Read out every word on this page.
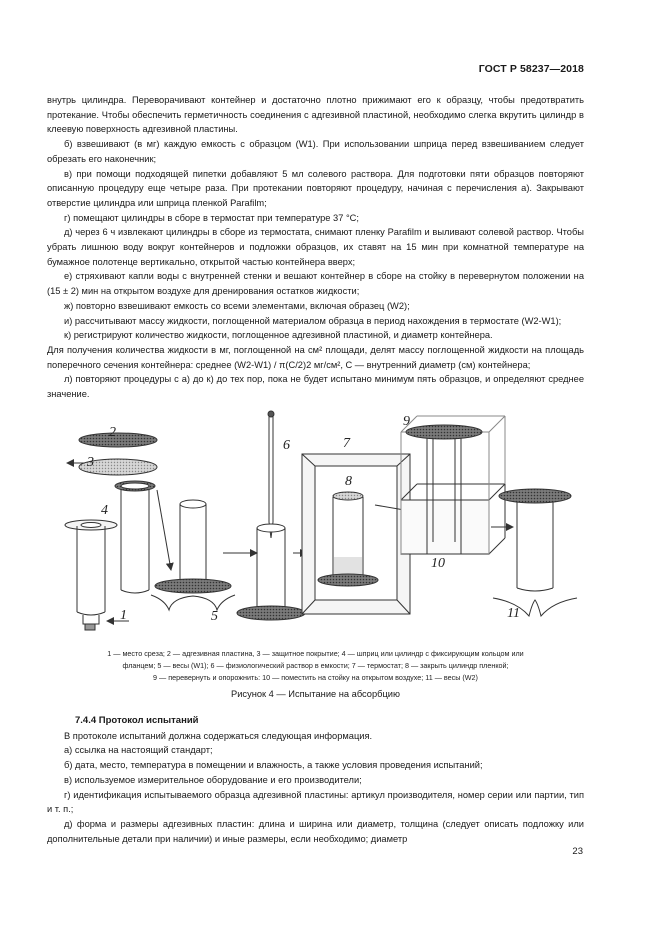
ГОСТ Р 58237—2018

внутрь цилиндра. Переворачивают контейнер и достаточно плотно прижимают его к образцу, чтобы предотвратить протекание. Чтобы обеспечить герметичность соединения с адгезивной пластиной, необходимо слегка вкрутить цилиндр в клеевую поверхность адгезивной пластины.

б) взвешивают (в мг) каждую емкость с образцом (W1). При использовании шприца перед взвешиванием следует обрезать его наконечник;

в) при помощи подходящей пипетки добавляют 5 мл солевого раствора. Для подготовки пяти образцов повторяют описанную процедуру еще четыре раза. При протекании повторяют процедуру, начиная с перечисления а). Закрывают отверстие цилиндра или шприца пленкой Parafilm;

г) помещают цилиндры в сборе в термостат при температуре 37 °С;

д) через 6 ч извлекают цилиндры в сборе из термостата, снимают пленку Parafilm и выливают солевой раствор. Чтобы убрать лишнюю воду вокруг контейнеров и подложки образцов, их ставят на 15 мин при комнатной температуре на бумажное полотенце вертикально, открытой частью контейнера вверх;

е) стряхивают капли воды с внутренней стенки и вешают контейнер в сборе на стойку в перевернутом положении на (15 ± 2) мин на открытом воздухе для дренирования остатков жидкости;

ж) повторно взвешивают емкость со всеми элементами, включая образец (W2);

и) рассчитывают массу жидкости, поглощенной материалом образца в период нахождения в термостате (W2-W1);

к) регистрируют количество жидкости, поглощенное адгезивной пластиной, и диаметр контейнера.

Для получения количества жидкости в мг, поглощенной на см² площади, делят массу поглощенной жидкости на площадь поперечного сечения контейнера: среднее (W2-W1) / π(С/2)2 мг/см², С — внутренний диаметр (см) контейнера;

л) повторяют процедуры с а) до к) до тех пор, пока не будет испытано минимум пять образцов, и определяют среднее значение.

2
3
4
1	5
6	7
8
9
10
11

1 — место среза; 2 — адгезивная пластина, 3 — защитное покрытие; 4 — шприц или цилиндр с фиксирующим кольцом или

фланцем; 5 — весы (W1); 6 — физиологический раствор в емкости; 7 — термостат; 8 — закрыть цилиндр пленкой;

9 — перевернуть и опорожнить: 10 — поместить на стойку на открытом воздухе; 11 — весы (W2)

Рисунок 4 — Испытание на абсорбцию
7.4.4 Протокол испытаний

В протоколе испытаний должна содержаться следующая информация.

а) ссылка на настоящий стандарт;

б) дата, место, температура в помещении и влажность, а также условия проведения испытаний;

в) используемое измерительное оборудование и его производители;

г) идентификация испытываемого образца адгезивной пластины: артикул производителя, номер серии или партии, тип и т. п.;

д) форма и размеры адгезивных пластин: длина и ширина или диаметр, толщина (следует описать подложку или дополнительные детали при наличии) и иные размеры, если необходимо; диаметр

23
